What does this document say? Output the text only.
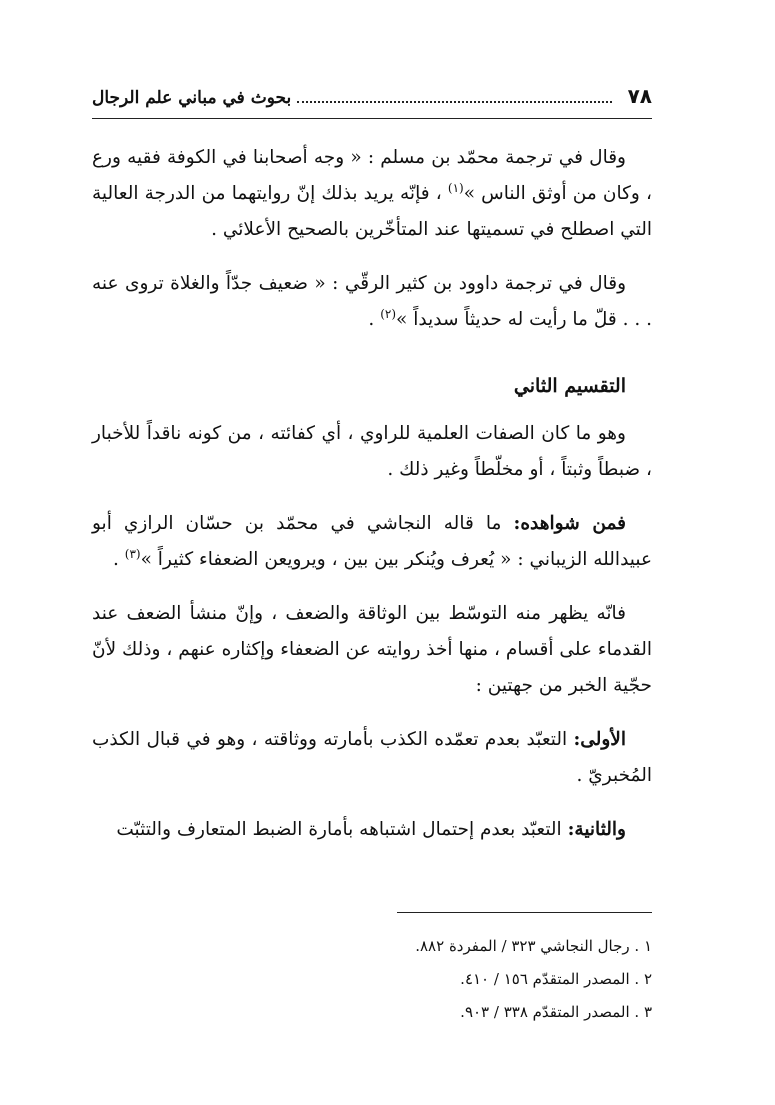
٧٨
بحوث في مباني علم الرجال

وقال في ترجمة محمّد بن مسلم : « وجه أصحابنا في الكوفة فقيه ورع ، وكان من أوثق الناس »$^{(١)}$ ، فإنّه يريد بذلك إنّ روايتهما من الدرجة العالية التي اصطلح في تسميتها عند المتأخّرين بالصحيح الأعلائي .

وقال في ترجمة داوود بن كثير الرقّي : « ضعيف جدّاً والغلاة تروى عنه . . . قلّ ما رأيت له حديثاً سديداً »$^{(٢)}$ .

التقسيم الثاني

وهو ما كان الصفات العلمية للراوي ، أي كفائته ، من كونه ناقداً للأخبار ، ضبطاً وثبتاً ، أو مخلّطاً وغير ذلك .

فمن شواهده: ما قاله النجاشي في محمّد بن حسّان الرازي أبو عبيدالله الزيباني : « يُعرف ويُنكر بين بين ، ويرويعن الضعفاء كثيراً »$^{(٣)}$ .

فانّه يظهر منه التوسّط بين الوثاقة والضعف ، وإنّ منشأ الضعف عند القدماء على أقسام ، منها أخذ روايته عن الضعفاء وإكثاره عنهم ، وذلك لأنّ حجّية الخبر من جهتين :

الأولى: التعبّد بعدم تعمّده الكذب بأمارته ووثاقته ، وهو في قبال الكذب المُخبريّ .

والثانية: التعبّد بعدم إحتمال اشتباهه بأمارة الضبط المتعارف والتثبّت

١ . رجال النجاشي ٣٢٣ / المفردة ٨٨٢.
٢ . المصدر المتقدّم ١٥٦ / ٤١٠.
٣ . المصدر المتقدّم ٣٣٨ / ٩٠٣.
